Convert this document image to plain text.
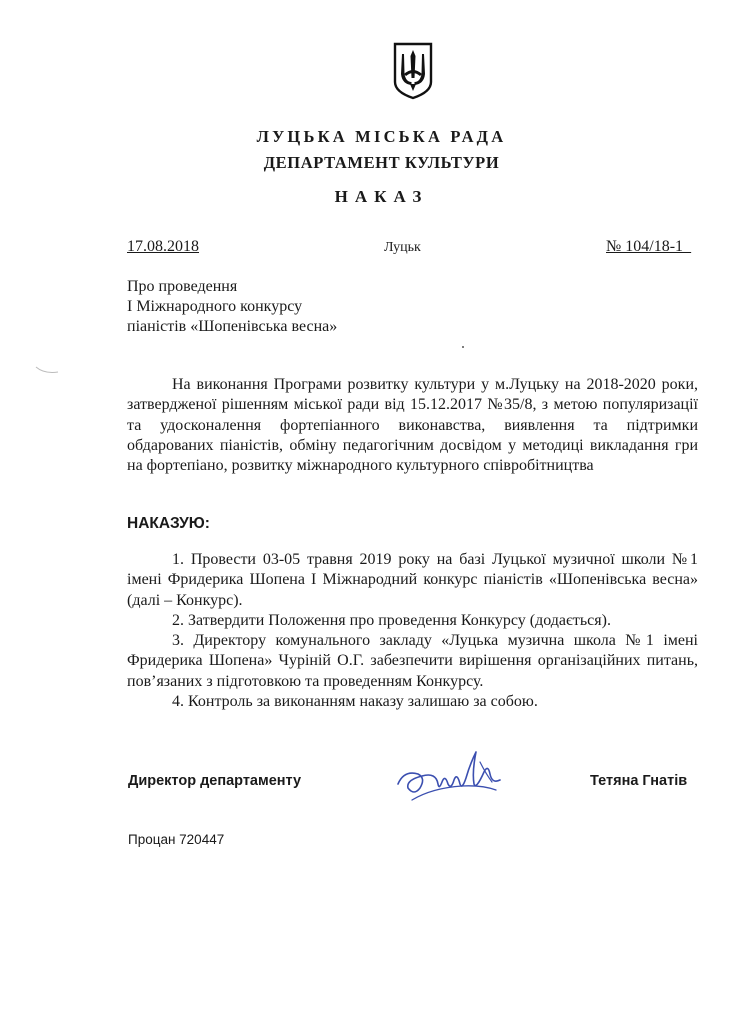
ЛУЦЬКА МІСЬКА РАДА
ДЕПАРТАМЕНТ КУЛЬТУРИ
НАКАЗ
17.08.2018	Луцьк	№ 104/18-1_
Про проведення
І Міжнародного конкурсу
піаністів «Шопенівська весна»
На виконання Програми розвитку культури у м.Луцьку на 2018-2020 роки, затвердженої рішенням міської ради від 15.12.2017 №35/8, з метою популяризації та удосконалення фортепіанного виконавства, виявлення та підтримки обдарованих піаністів, обміну педагогічним досвідом у методиці викладання гри на фортепіано, розвитку міжнародного культурного співробітництва
НАКАЗУЮ:

1. Провести 03-05 травня 2019 року на базі Луцької музичної школи №1 імені Фридерика Шопена І Міжнародний конкурс піаністів «Шопенівська весна» (далі – Конкурс).

2. Затвердити Положення про проведення Конкурсу (додається).

3. Директору комунального закладу «Луцька музична школа №1 імені Фридерика Шопена» Чуріній О.Г. забезпечити вирішення організаційних питань, пов’язаних з підготовкою та проведенням Конкурсу.

4. Контроль за виконанням наказу залишаю за собою.

Директор департаменту	Тетяна Гнатів
Процан 720447
